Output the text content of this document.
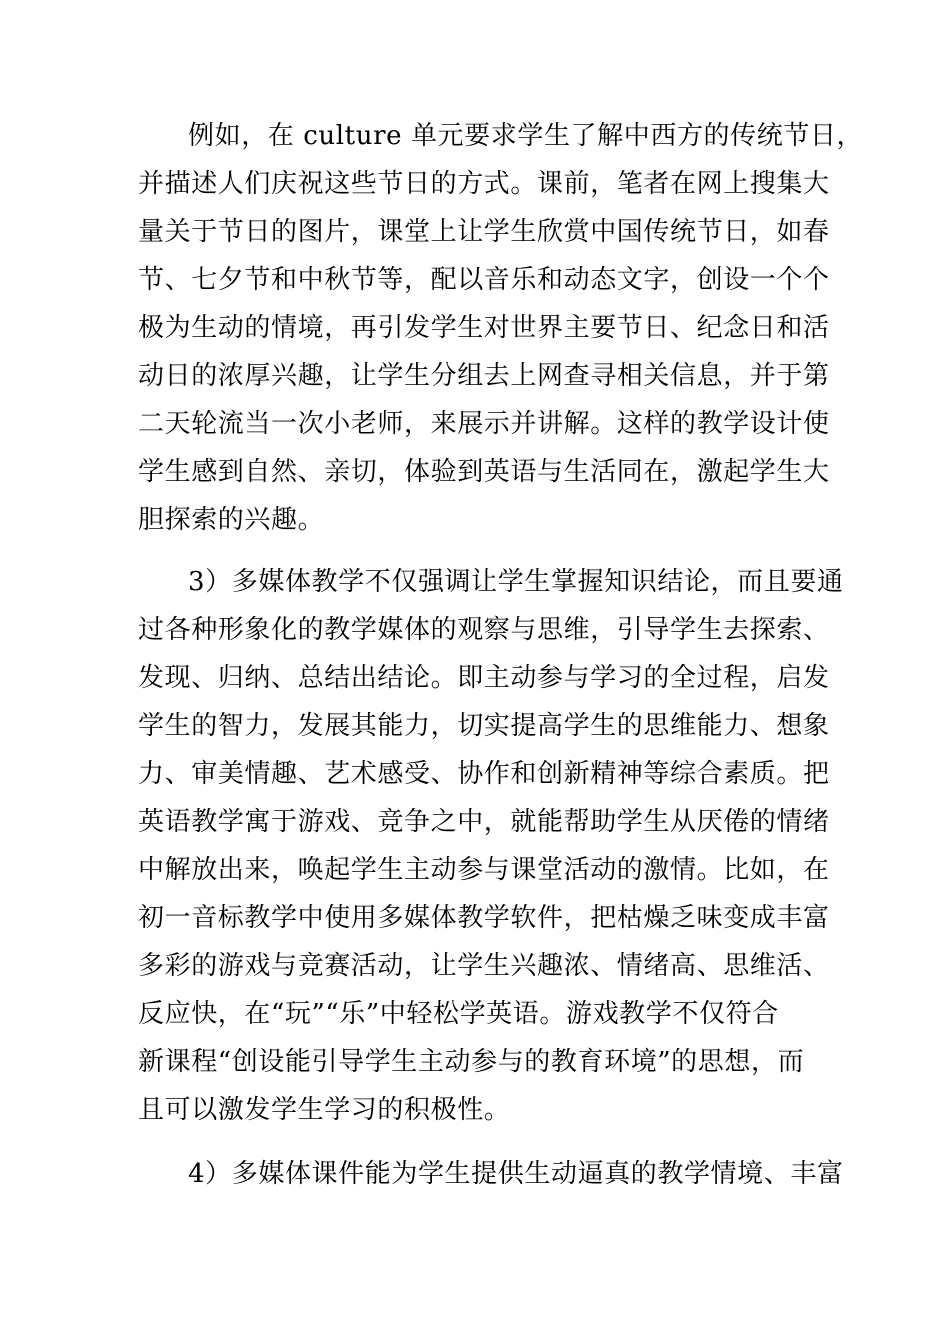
例如，在 culture 单元要求学生了解中西方的传统节日，
并描述人们庆祝这些节日的方式。课前，笔者在网上搜集大
量关于节日的图片，课堂上让学生欣赏中国传统节日，如春
节、七夕节和中秋节等，配以音乐和动态文字，创设一个个
极为生动的情境，再引发学生对世界主要节日、纪念日和活
动日的浓厚兴趣，让学生分组去上网查寻相关信息，并于第
二天轮流当一次小老师，来展示并讲解。这样的教学设计使
学生感到自然、亲切，体验到英语与生活同在，激起学生大
胆探索的兴趣。
3）多媒体教学不仅强调让学生掌握知识结论，而且要通
过各种形象化的教学媒体的观察与思维，引导学生去探索、
发现、归纳、总结出结论。即主动参与学习的全过程，启发
学生的智力，发展其能力，切实提高学生的思维能力、想象
力、审美情趣、艺术感受、协作和创新精神等综合素质。把
英语教学寓于游戏、竞争之中，就能帮助学生从厌倦的情绪
中解放出来，唤起学生主动参与课堂活动的激情。比如，在
初一音标教学中使用多媒体教学软件，把枯燥乏味变成丰富
多彩的游戏与竞赛活动，让学生兴趣浓、情绪高、思维活、
反应快，在“玩”“乐”中轻松学英语。游戏教学不仅符合
新课程“创设能引导学生主动参与的教育环境”的思想，而
且可以激发学生学习的积极性。
4）多媒体课件能为学生提供生动逼真的教学情境、丰富
